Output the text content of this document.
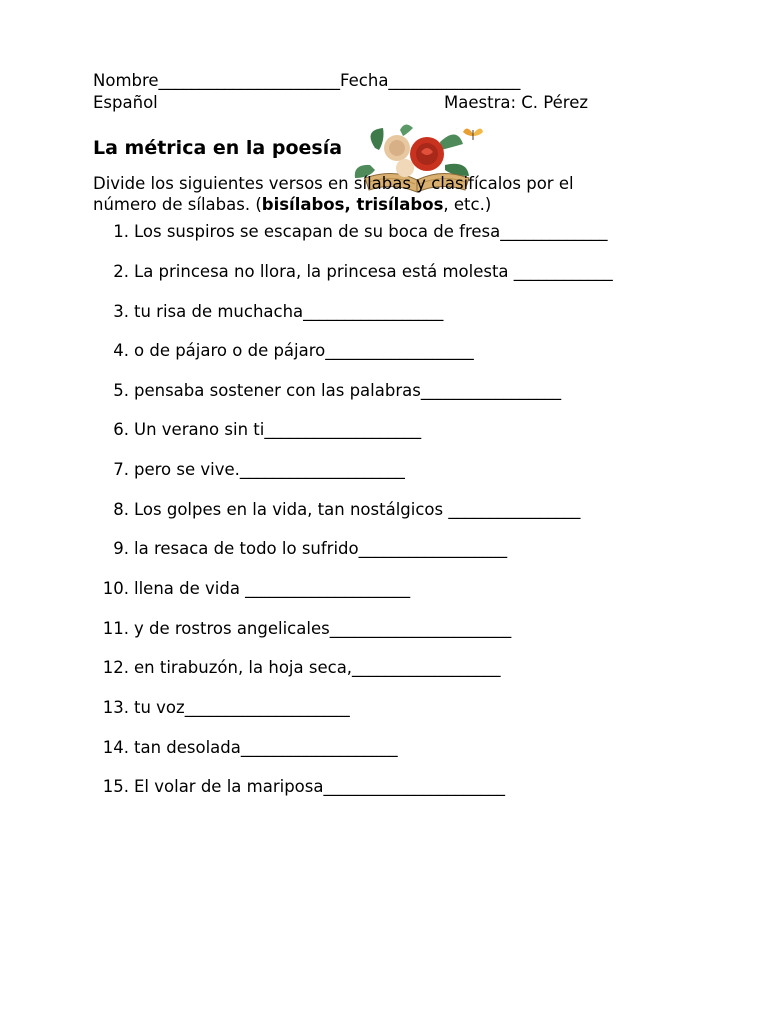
Nombre______________________Fecha________________
Español	Maestra: C. Pérez
La métrica en la poesía
Divide los siguientes versos en sílabas y clasifícalos por el
número de sílabas. (bisílabos, trisílabos, etc.)
1. Los suspiros se escapan de su boca de fresa_____________
2. La princesa no llora, la princesa está molesta ____________
3. tu risa de muchacha_________________
4. o de pájaro o de pájaro__________________
5. pensaba sostener con las palabras_________________
6. Un verano sin ti___________________
7. pero se vive.____________________
8. Los golpes en la vida, tan nostálgicos ________________
9. la resaca de todo lo sufrido__________________
10. llena de vida ____________________
11. y de rostros angelicales______________________
12. en tirabuzón, la hoja seca,__________________
13. tu voz____________________
14. tan desolada___________________
15. El volar de la mariposa______________________
